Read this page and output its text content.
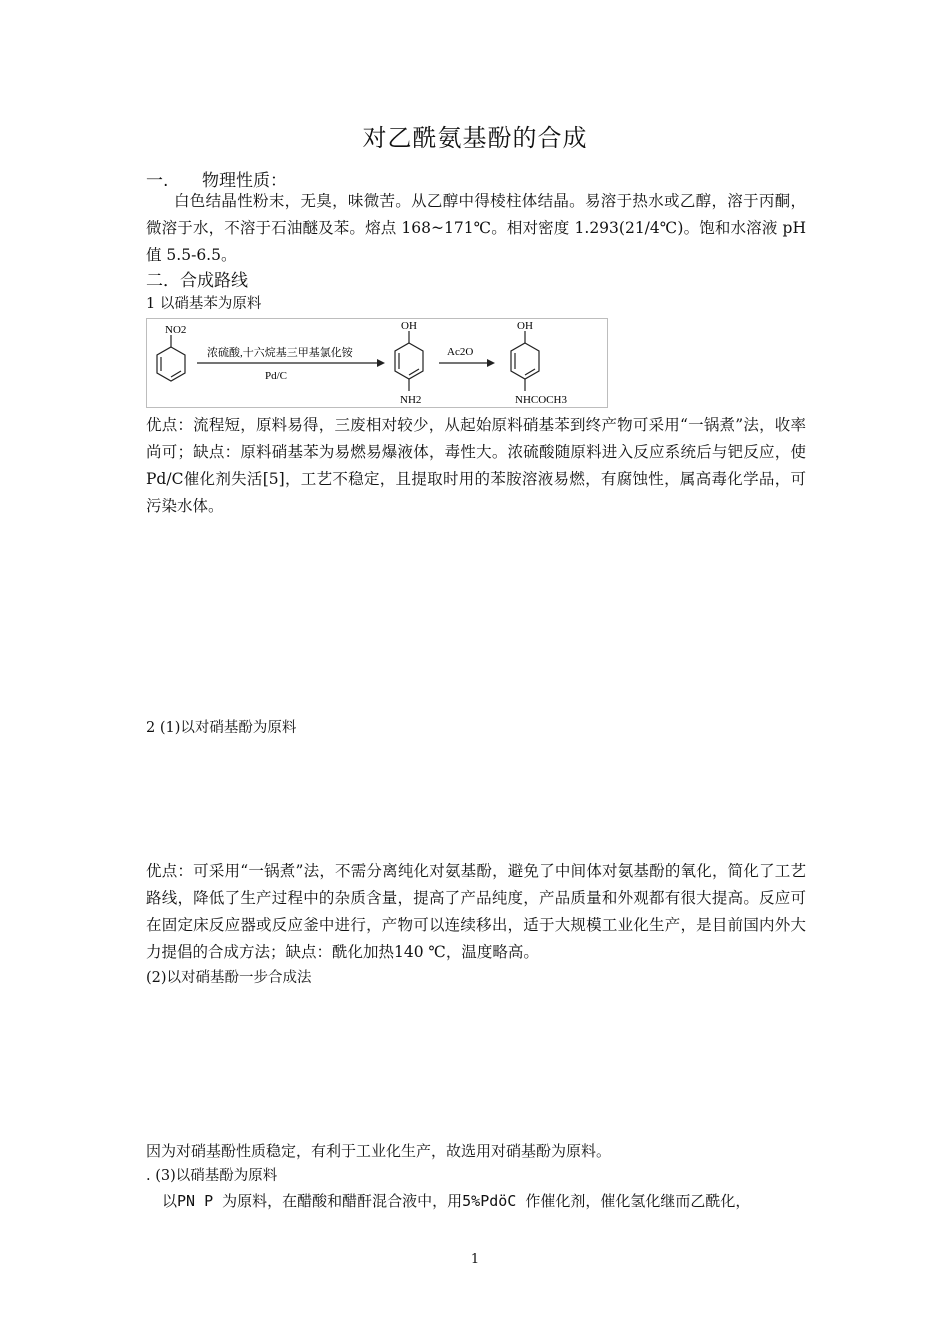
对乙酰氨基酚的合成
一. 物理性质：
白色结晶性粉末，无臭，味微苦。从乙醇中得棱柱体结晶。易溶于热水或乙醇，溶于丙酮，微溶于水，不溶于石油醚及苯。熔点 168~171℃。相对密度 1.293(21/4℃)。饱和水溶液 pH 值 5.5-6.5。
二．合成路线
1 以硝基苯为原料
NO2
浓硫酸,十六烷基三甲基氯化铵
Pd/C
OH
NH2
Ac2O
OH
NHCOCH3
优点：流程短，原料易得，三废相对较少，从起始原料硝基苯到终产物可采用“一锅煮”法，收率尚可；缺点：原料硝基苯为易燃易爆液体，毒性大。浓硫酸随原料进入反应系统后与钯反应，使Pd/C催化剂失活[5]，工艺不稳定，且提取时用的苯胺溶液易燃，有腐蚀性，属高毒化学品，可污染水体。
2 (1)以对硝基酚为原料
优点：可采用“一锅煮”法，不需分离纯化对氨基酚，避免了中间体对氨基酚的氧化，简化了工艺路线，降低了生产过程中的杂质含量，提高了产品纯度，产品质量和外观都有很大提高。反应可在固定床反应器或反应釜中进行，产物可以连续移出，适于大规模工业化生产，是目前国内外大力提倡的合成方法；缺点：酰化加热140 ℃，温度略高。
(2)以对硝基酚一步合成法
因为对硝基酚性质稳定，有利于工业化生产，故选用对硝基酚为原料。
. (3)以硝基酚为原料
以PN P 为原料，在醋酸和醋酐混合液中，用5%PdöC 作催化剂，催化氢化继而乙酰化，
1
